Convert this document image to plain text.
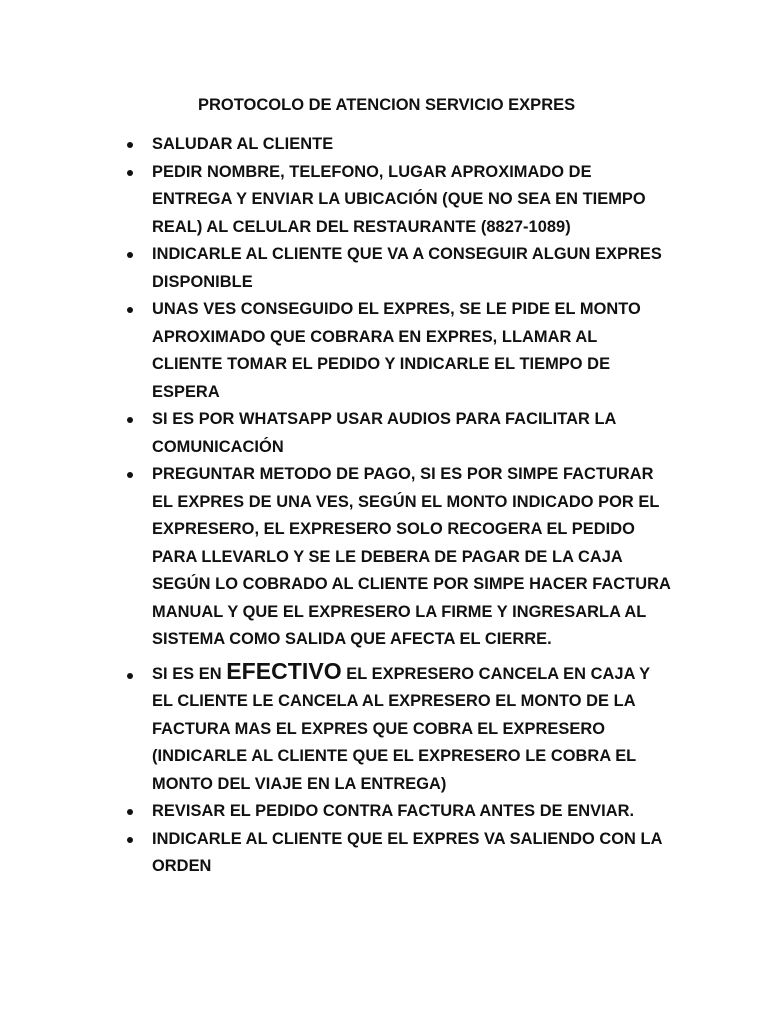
PROTOCOLO DE ATENCION SERVICIO EXPRES
SALUDAR AL CLIENTE
PEDIR NOMBRE, TELEFONO, LUGAR APROXIMADO DE ENTREGA Y ENVIAR LA UBICACIÓN (QUE NO SEA EN TIEMPO REAL) AL CELULAR DEL RESTAURANTE (8827-1089)
INDICARLE AL CLIENTE QUE VA A CONSEGUIR ALGUN EXPRES DISPONIBLE
UNAS VES CONSEGUIDO EL EXPRES, SE LE PIDE EL MONTO APROXIMADO QUE COBRARA EN EXPRES, LLAMAR AL CLIENTE TOMAR EL PEDIDO Y INDICARLE EL TIEMPO DE ESPERA
SI ES POR WHATSAPP USAR AUDIOS PARA FACILITAR LA COMUNICACIÓN
PREGUNTAR METODO DE PAGO, SI ES POR SIMPE FACTURAR EL EXPRES DE UNA VES, SEGÚN EL MONTO INDICADO POR EL EXPRESERO, EL EXPRESERO SOLO RECOGERA EL PEDIDO PARA LLEVARLO Y SE LE DEBERA DE PAGAR DE LA CAJA SEGÚN LO COBRADO AL CLIENTE POR SIMPE HACER FACTURA MANUAL Y QUE EL EXPRESERO LA FIRME Y INGRESARLA AL SISTEMA COMO SALIDA QUE AFECTA EL CIERRE.
SI ES EN EFECTIVO EL EXPRESERO CANCELA EN CAJA Y EL CLIENTE LE CANCELA AL EXPRESERO EL MONTO DE LA FACTURA MAS EL EXPRES QUE COBRA EL EXPRESERO (INDICARLE AL CLIENTE QUE EL EXPRESERO LE COBRA EL MONTO DEL VIAJE EN LA ENTREGA)
REVISAR EL PEDIDO CONTRA FACTURA ANTES DE ENVIAR.
INDICARLE AL CLIENTE QUE EL EXPRES VA SALIENDO CON LA ORDEN
